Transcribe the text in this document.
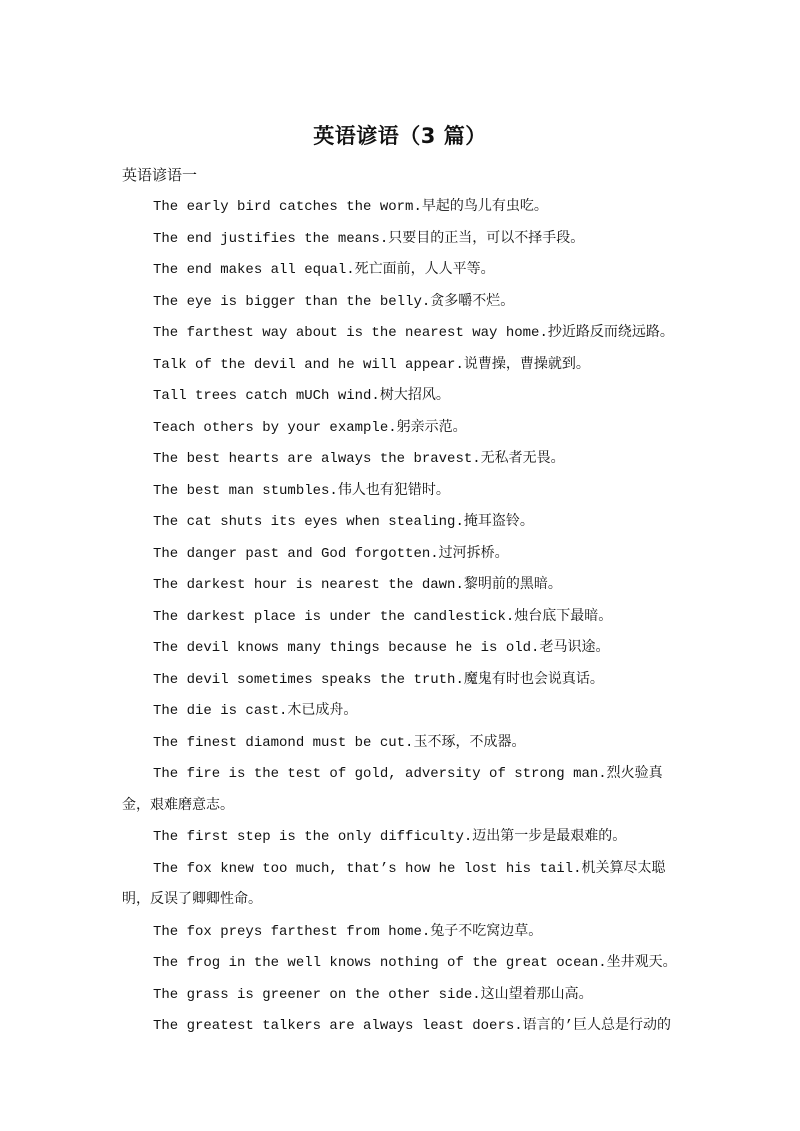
英语谚语（3 篇）
英语谚语一
The early bird catches the worm.早起的鸟儿有虫吃。
The end justifies the means.只要目的正当，可以不择手段。
The end makes all equal.死亡面前，人人平等。
The eye is bigger than the belly.贪多嚼不烂。
The farthest way about is the nearest way home.抄近路反而绕远路。
Talk of the devil and he will appear.说曹操，曹操就到。
Tall trees catch mUCh wind.树大招风。
Teach others by your example.躬亲示范。
The best hearts are always the bravest.无私者无畏。
The best man stumbles.伟人也有犯错时。
The cat shuts its eyes when stealing.掩耳盗铃。
The danger past and God forgotten.过河拆桥。
The darkest hour is nearest the dawn.黎明前的黑暗。
The darkest place is under the candlestick.烛台底下最暗。
The devil knows many things because he is old.老马识途。
The devil sometimes speaks the truth.魔鬼有时也会说真话。
The die is cast.木已成舟。
The finest diamond must be cut.玉不琢，不成器。
The fire is the test of gold, adversity of strong man.烈火验真
金，艰难磨意志。
The first step is the only difficulty.迈出第一步是最艰难的。
The fox knew too much, that’s how he lost his tail.机关算尽太聪
明，反误了卿卿性命。
The fox preys farthest from home.兔子不吃窝边草。
The frog in the well knows nothing of the great ocean.坐井观天。
The grass is greener on the other side.这山望着那山高。
The greatest talkers are always least doers.语言的’巨人总是行动的
